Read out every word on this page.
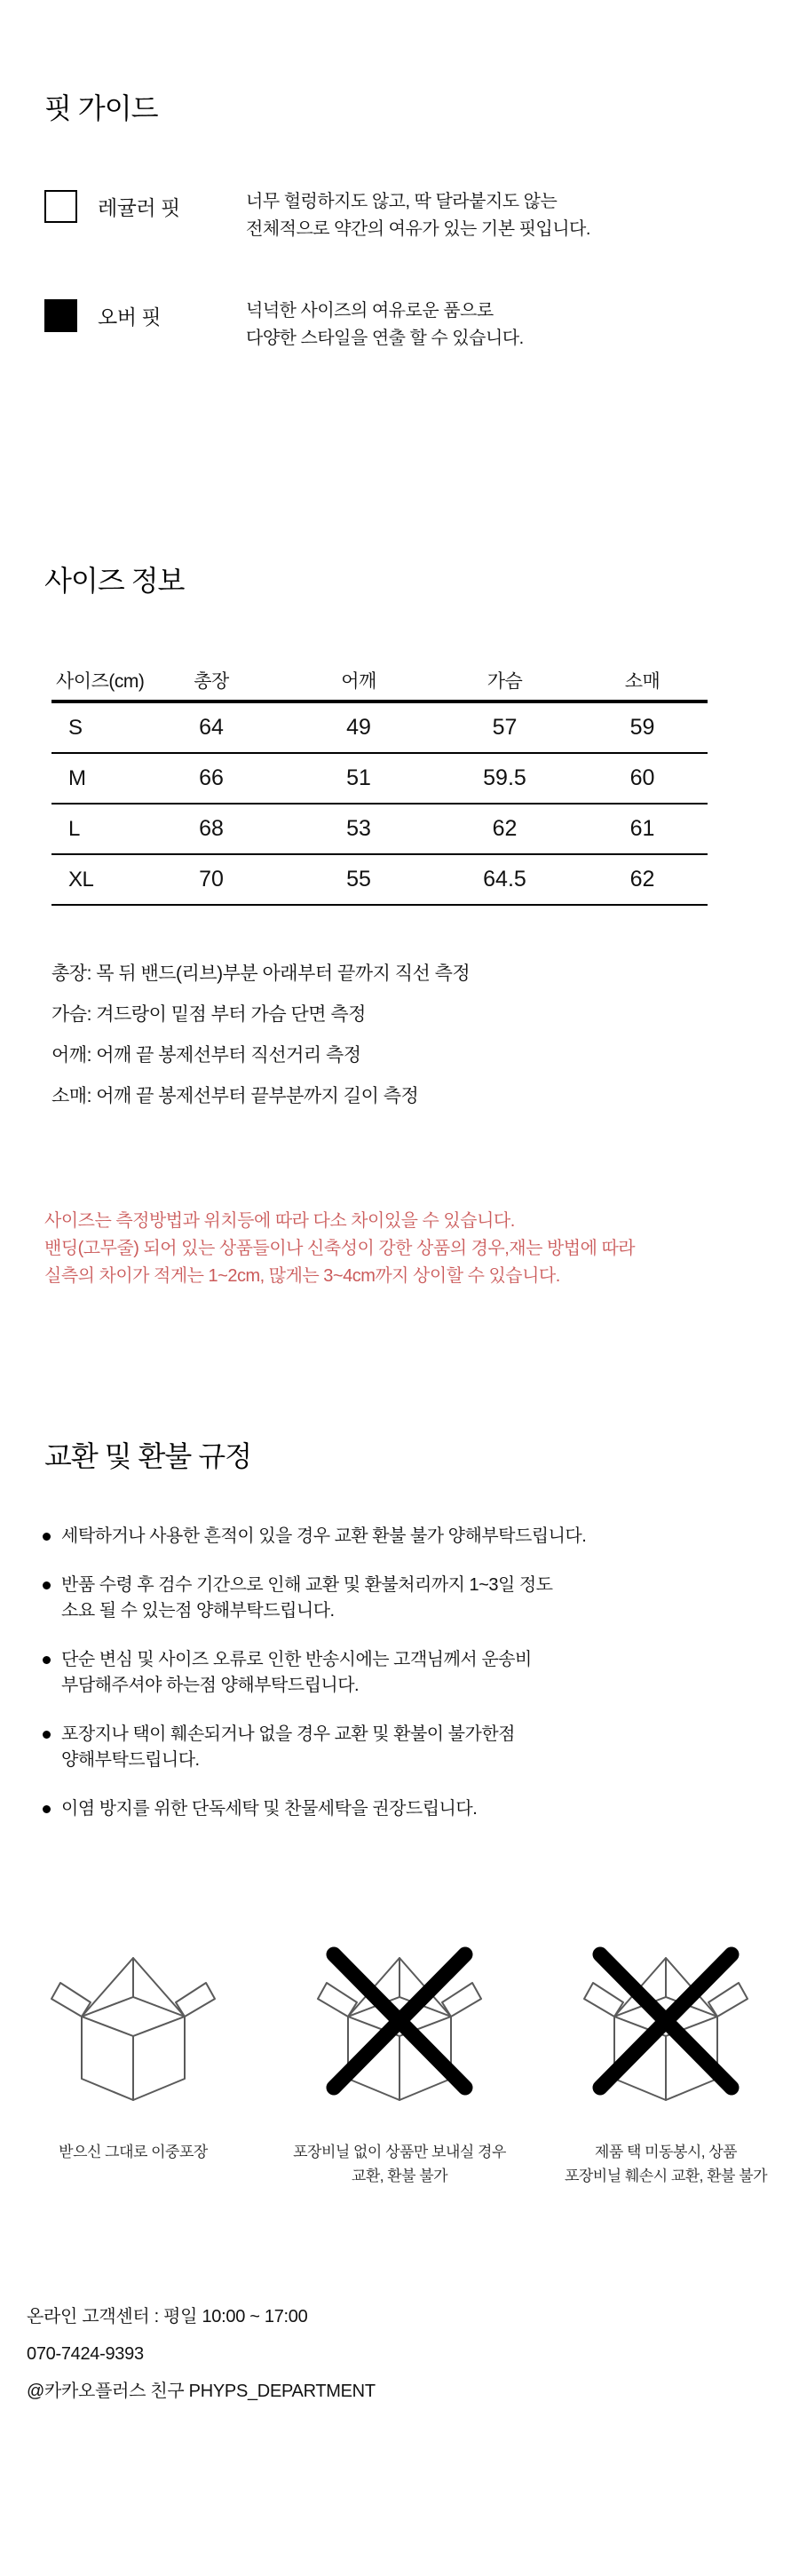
핏 가이드
레귤러 핏	너무 헐렁하지도 않고, 딱 달라붙지도 않는
전체적으로 약간의 여유가 있는 기본 핏입니다.
오버 핏	넉넉한 사이즈의 여유로운 품으로
다양한 스타일을 연출 할 수 있습니다.
사이즈 정보
사이즈(cm)	총장	어깨	가슴	소매
S	64	49	57	59
M	66	51	59.5	60
L	68	53	62	61
XL	70	55	64.5	62
총장: 목 뒤 밴드(리브)부분 아래부터 끝까지 직선 측정
가슴: 겨드랑이 밑점 부터 가슴 단면 측정
어깨: 어깨 끝 봉제선부터 직선거리 측정
소매: 어깨 끝 봉제선부터 끝부분까지 길이 측정
사이즈는 측정방법과 위치등에 따라 다소 차이있을 수 있습니다.
밴딩(고무줄) 되어 있는 상품들이나 신축성이 강한 상품의 경우,재는 방법에 따라
실측의 차이가 적게는 1~2cm, 많게는 3~4cm까지 상이할 수 있습니다.
교환 및 환불 규정
세탁하거나 사용한 흔적이 있을 경우 교환 환불 불가 양해부탁드립니다.

반품 수령 후 검수 기간으로 인해 교환 및 환불처리까지 1~3일 정도
소요 될 수 있는점 양해부탁드립니다.
단순 변심 및 사이즈 오류로 인한 반송시에는 고객님께서 운송비
부담해주셔야 하는점 양해부탁드립니다.
포장지나 택이 훼손되거나 없을 경우 교환 및 환불이 불가한점
양해부탁드립니다.
이염 방지를 위한 단독세탁 및 찬물세탁을 권장드립니다.

받으신 그대로 이중포장	포장비닐 없이 상품만 보내실 경우
교환, 환불 불가
제품 택 미동봉시, 상품
포장비닐 훼손시 교환, 환불 불가
온라인 고객센터 : 평일 10:00 ~ 17:00
070-7424-9393
@카카오플러스 친구 PHYPS_DEPARTMENT
